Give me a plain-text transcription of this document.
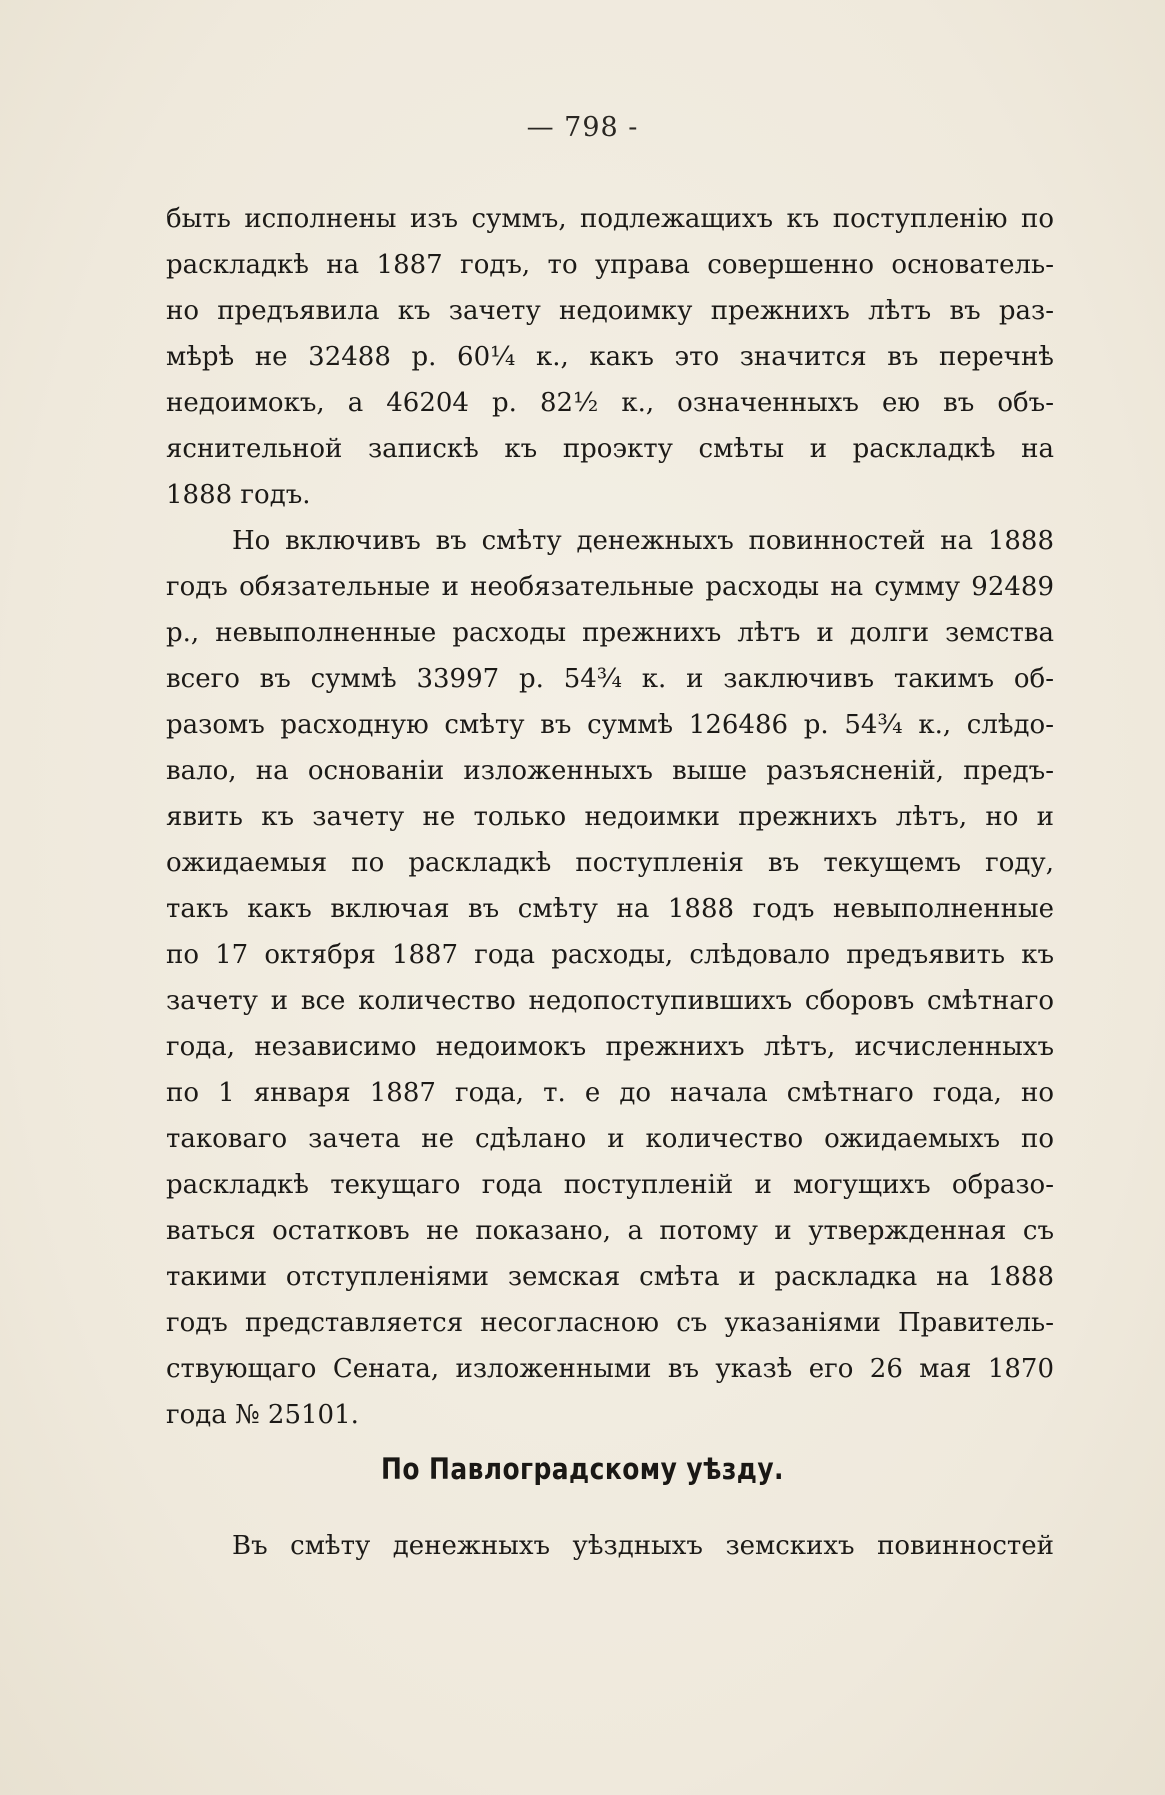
— 798 -
быть исполнены изъ суммъ, подлежащихъ къ поступленію по
раскладкѣ на 1887 годъ, то управа совершенно основатель-
но предъявила къ зачету недоимку прежнихъ лѣтъ въ раз-
мѣрѣ не 32488 р. 60¼ к., какъ это значится въ перечнѣ
недоимокъ, а 46204 р. 82½ к., означенныхъ ею въ объ-
яснительной запискѣ къ проэкту смѣты и раскладкѣ на
1888 годъ.
Но включивъ въ смѣту денежныхъ повинностей на 1888
годъ обязательные и необязательные расходы на сумму 92489
р., невыполненные расходы прежнихъ лѣтъ и долги земства
всего въ суммѣ 33997 р. 54¾ к. и заключивъ такимъ об-
разомъ расходную смѣту въ суммѣ 126486 р. 54¾ к., слѣдо-
вало, на основаніи изложенныхъ выше разъясненій, предъ-
явить къ зачету не только недоимки прежнихъ лѣтъ, но и
ожидаемыя по раскладкѣ поступленія въ текущемъ году,
такъ какъ включая въ смѣту на 1888 годъ невыполненные
по 17 октября 1887 года расходы, слѣдовало предъявить къ
зачету и все количество недопоступившихъ сборовъ смѣтнаго
года, независимо недоимокъ прежнихъ лѣтъ, исчисленныхъ
по 1 января 1887 года, т. е до начала смѣтнаго года, но
таковаго зачета не сдѣлано и количество ожидаемыхъ по
раскладкѣ текущаго года поступленій и могущихъ образо-
ваться остатковъ не показано, а потому и утвержденная съ
такими отступленіями земская смѣта и раскладка на 1888
годъ представляется несогласною съ указаніями Правитель-
ствующаго Сената, изложенными въ указѣ его 26 мая 1870
года № 25101.
По Павлоградскому уѣзду.
Въ смѣту денежныхъ уѣздныхъ земскихъ повинностей
